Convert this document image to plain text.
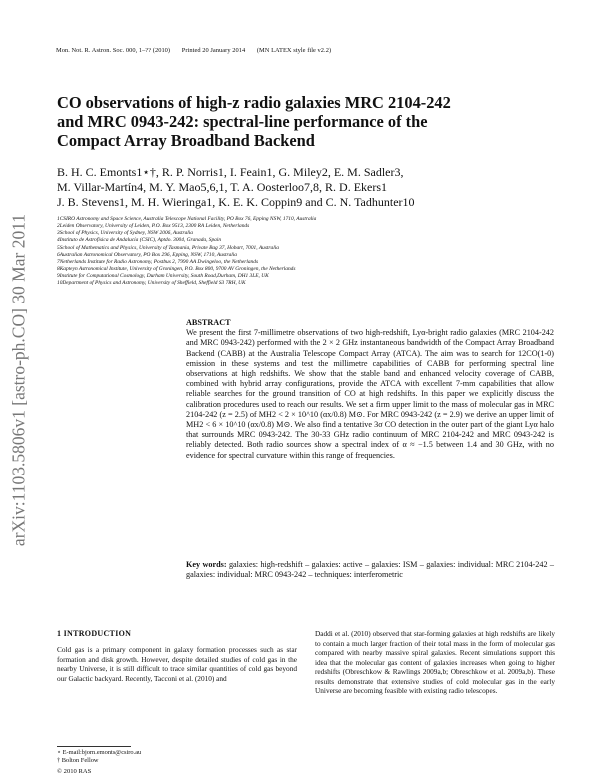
Mon. Not. R. Astron. Soc. 000, 1–?? (2010) Printed 20 January 2014 (MN LATEX style file v2.2)
arXiv:1103.5806v1 [astro-ph.CO] 30 Mar 2011
CO observations of high-z radio galaxies MRC 2104-242
and MRC 0943-242: spectral-line performance of the
Compact Array Broadband Backend
B. H. C. Emonts1⋆†, R. P. Norris1, I. Feain1, G. Miley2, E. M. Sadler3,
M. Villar-Martín4, M. Y. Mao5,6,1, T. A. Oosterloo7,8, R. D. Ekers1
J. B. Stevens1, M. H. Wieringa1, K. E. K. Coppin9 and C. N. Tadhunter10
1CSIRO Astronomy and Space Science, Australia Telescope National Facility, PO Box 76, Epping NSW, 1710, Australia
2Leiden Observatory, University of Leiden, P.O. Box 9513, 2300 RA Leiden, Netherlands
3School of Physics, University of Sydney, NSW 2006, Australia
4Instituto de Astrofísica de Andalucía (CSIC), Aptdo. 3004, Granada, Spain
5School of Mathematics and Physics, University of Tasmania, Private Bag 37, Hobart, 7001, Australia
6Australian Astronomical Observatory, PO Box 296, Epping, NSW, 1710, Australia
7Netherlands Institute for Radio Astronomy, Postbus 2, 7990 AA Dwingeloo, the Netherlands
8Kapteyn Astronomical Institute, University of Groningen, P.O. Box 800, 9700 AV Groningen, the Netherlands
9Institute for Computational Cosmology, Durham University, South Road,Durham, DH1 3LE, UK
10Department of Physics and Astronomy, University of Sheffield, Sheffield S3 7RH, UK
ABSTRACT
We present the first 7-millimetre observations of two high-redshift, Lyα-bright radio galaxies (MRC 2104-242 and MRC 0943-242) performed with the 2 × 2 GHz instantaneous bandwidth of the Compact Array Broadband Backend (CABB) at the Australia Telescope Compact Array (ATCA). The aim was to search for 12CO(1-0) emission in these systems and test the millimetre capabilities of CABB for performing spectral line observations at high redshifts. We show that the stable band and enhanced velocity coverage of CABB, combined with hybrid array configurations, provide the ATCA with excellent 7-mm capabilities that allow reliable searches for the ground transition of CO at high redshifts. In this paper we explicitly discuss the calibration procedures used to reach our results. We set a firm upper limit to the mass of molecular gas in MRC 2104-242 (z = 2.5) of MH2 < 2 × 10^10 (αx/0.8) M⊙. For MRC 0943-242 (z = 2.9) we derive an upper limit of MH2 < 6 × 10^10 (αx/0.8) M⊙. We also find a tentative 3σ CO detection in the outer part of the giant Lyα halo that surrounds MRC 0943-242. The 30-33 GHz radio continuum of MRC 2104-242 and MRC 0943-242 is reliably detected. Both radio sources show a spectral index of α ≈ −1.5 between 1.4 and 30 GHz, with no evidence for spectral curvature within this range of frequencies.
Key words: galaxies: high-redshift – galaxies: active – galaxies: ISM – galaxies: individual: MRC 2104-242 – galaxies: individual: MRC 0943-242 – techniques: interferometric
1 INTRODUCTION
Cold gas is a primary component in galaxy formation processes such as star formation and disk growth. However, despite detailed studies of cold gas in the nearby Universe, it is still difficult to trace similar quantities of cold gas beyond our Galactic backyard. Recently, Tacconi et al. (2010) and
Daddi et al. (2010) observed that star-forming galaxies at high redshifts are likely to contain a much larger fraction of their total mass in the form of molecular gas compared with nearby massive spiral galaxies. Recent simulations support this idea that the molecular gas content of galaxies increases when going to higher redshifts (Obreschkow & Rawlings 2009a,b; Obreschkow et al. 2009a,b). These results demonstrate that extensive studies of cold molecular gas in the early Universe are becoming feasible with existing radio telescopes.
⋆ E-mail:bjorn.emonts@csiro.au
† Bolton Fellow
© 2010 RAS
